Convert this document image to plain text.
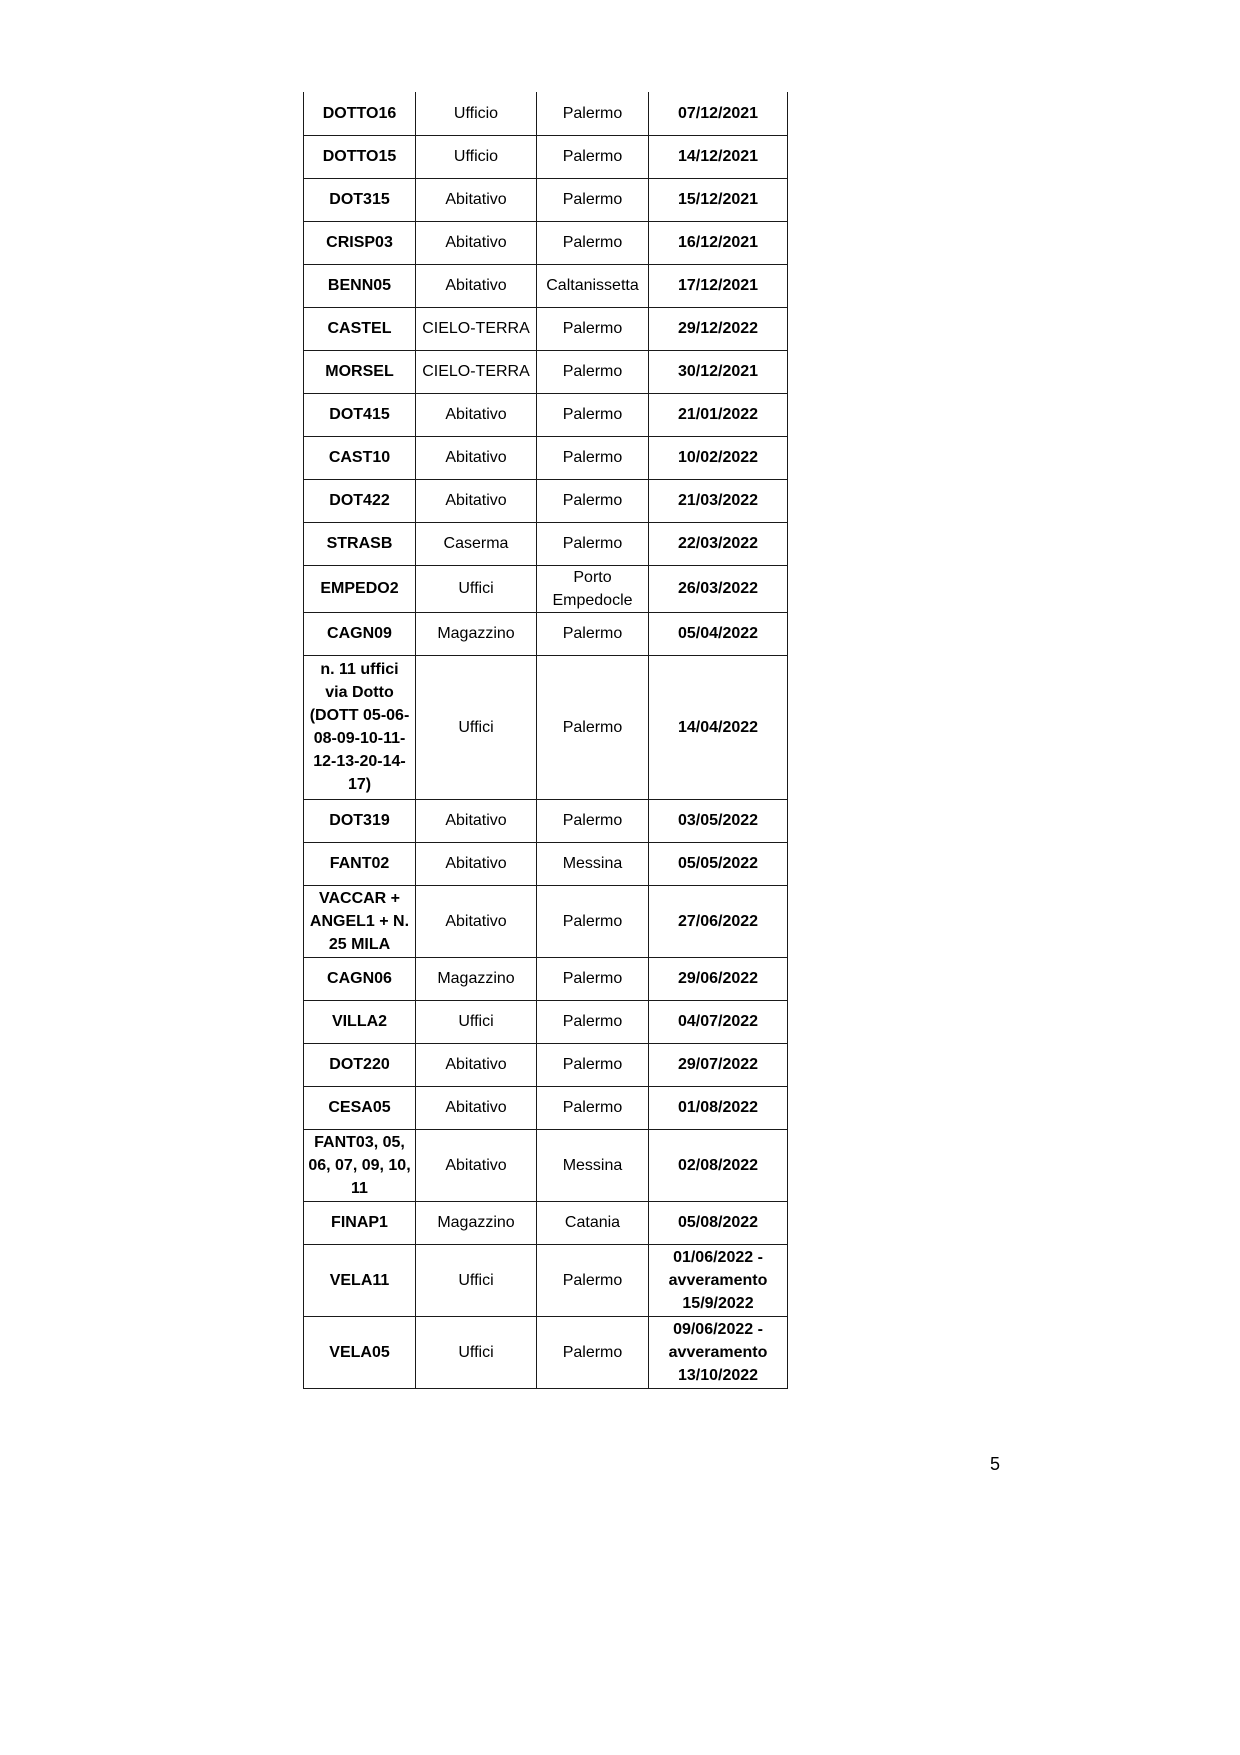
DOTTO16	Ufficio	Palermo	07/12/2021
DOTTO15	Ufficio	Palermo	14/12/2021
DOT315	Abitativo	Palermo	15/12/2021
CRISP03	Abitativo	Palermo	16/12/2021
BENN05	Abitativo	Caltanissetta	17/12/2021
CASTEL	CIELO-TERRA	Palermo	29/12/2022
MORSEL	CIELO-TERRA	Palermo	30/12/2021
DOT415	Abitativo	Palermo	21/01/2022
CAST10	Abitativo	Palermo	10/02/2022
DOT422	Abitativo	Palermo	21/03/2022
STRASB	Caserma	Palermo	22/03/2022
EMPEDO2	Uffici	Porto Empedocle	26/03/2022
CAGN09	Magazzino	Palermo	05/04/2022
n. 11 uffici via Dotto (DOTT 05-06-08-09-10-11-12-13-20-14-17)	Uffici	Palermo	14/04/2022
DOT319	Abitativo	Palermo	03/05/2022
FANT02	Abitativo	Messina	05/05/2022
VACCAR + ANGEL1 + N. 25 MILA	Abitativo	Palermo	27/06/2022
CAGN06	Magazzino	Palermo	29/06/2022
VILLA2	Uffici	Palermo	04/07/2022
DOT220	Abitativo	Palermo	29/07/2022
CESA05	Abitativo	Palermo	01/08/2022
FANT03, 05, 06, 07, 09, 10, 11	Abitativo	Messina	02/08/2022
FINAP1	Magazzino	Catania	05/08/2022
VELA11	Uffici	Palermo	01/06/2022 - avveramento 15/9/2022
VELA05	Uffici	Palermo	09/06/2022 - avveramento 13/10/2022
5
